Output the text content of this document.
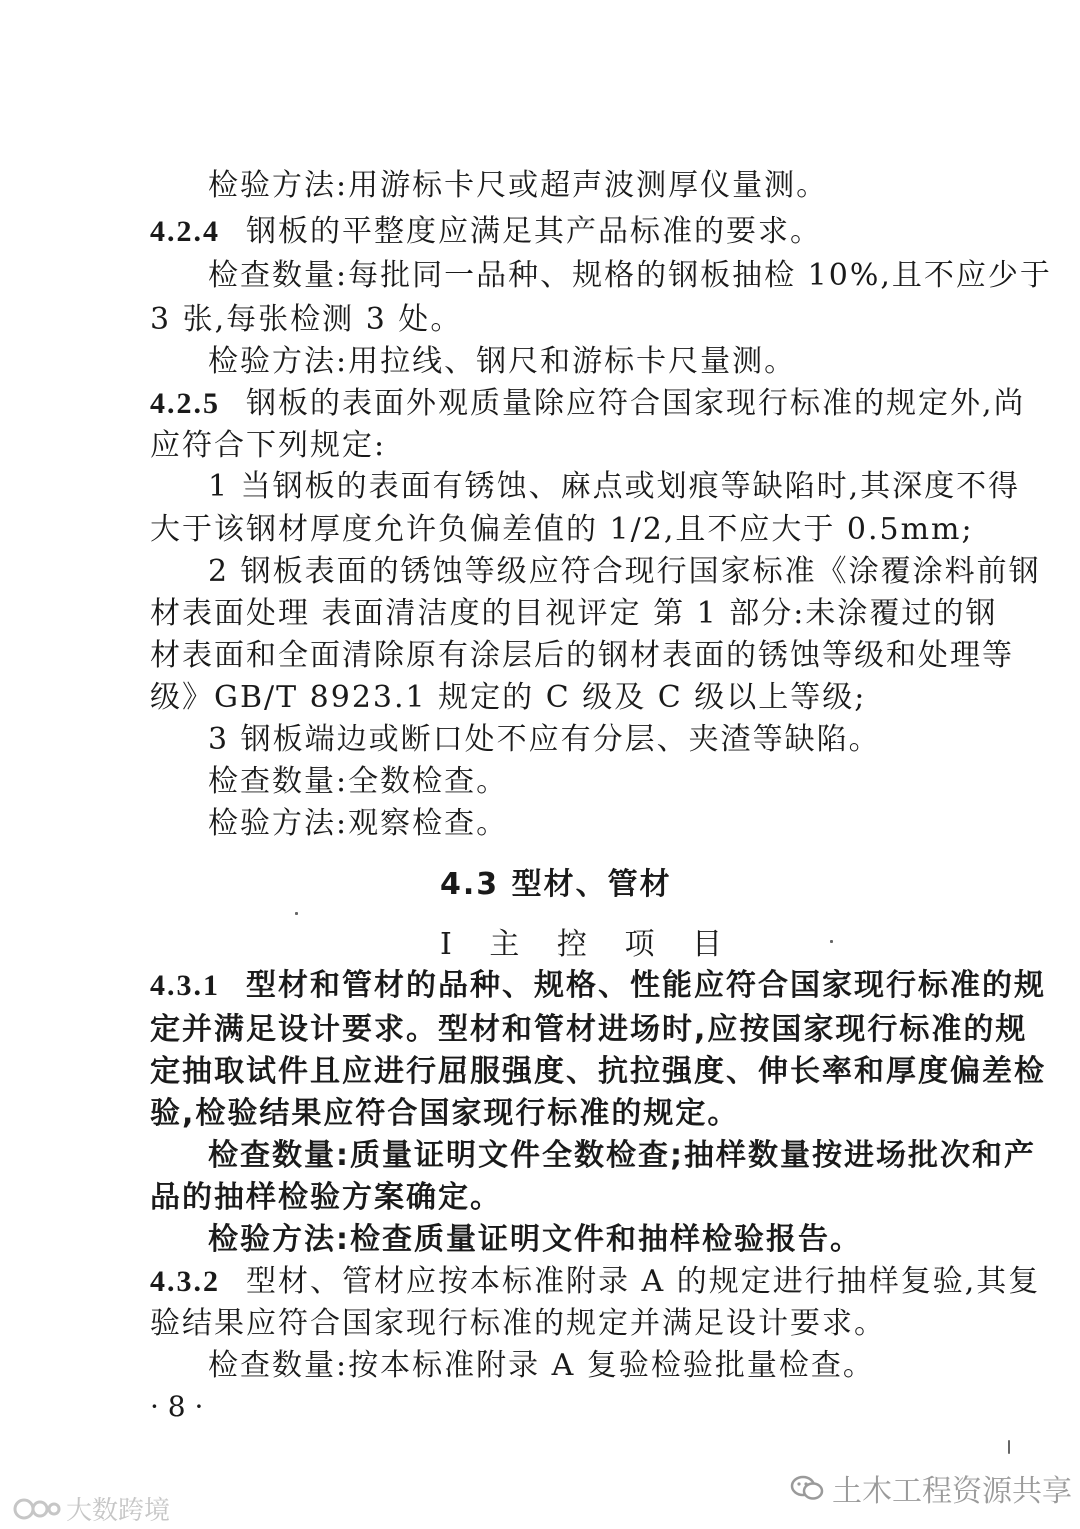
检验方法:用游标卡尺或超声波测厚仪量测。
4.2.4 钢板的平整度应满足其产品标准的要求。
检查数量:每批同一品种、规格的钢板抽检 10%,且不应少于
3 张,每张检测 3 处。
检验方法:用拉线、钢尺和游标卡尺量测。
4.2.5 钢板的表面外观质量除应符合国家现行标准的规定外,尚
应符合下列规定:
1 当钢板的表面有锈蚀、麻点或划痕等缺陷时,其深度不得
大于该钢材厚度允许负偏差值的 1/2,且不应大于 0.5mm;
2 钢板表面的锈蚀等级应符合现行国家标准《涂覆涂料前钢
材表面处理 表面清洁度的目视评定 第 1 部分:未涂覆过的钢
材表面和全面清除原有涂层后的钢材表面的锈蚀等级和处理等
级》GB/T 8923.1 规定的 C 级及 C 级以上等级;
3 钢板端边或断口处不应有分层、夹渣等缺陷。
检查数量:全数检查。
检验方法:观察检查。
4.3 型材、管材
Ⅰ 主 控 项 目
4.3.1 型材和管材的品种、规格、性能应符合国家现行标准的规
定并满足设计要求。型材和管材进场时,应按国家现行标准的规
定抽取试件且应进行屈服强度、抗拉强度、伸长率和厚度偏差检
验,检验结果应符合国家现行标准的规定。
检查数量:质量证明文件全数检查;抽样数量按进场批次和产
品的抽样检验方案确定。
检验方法:检查质量证明文件和抽样检验报告。
4.3.2 型材、管材应按本标准附录 A 的规定进行抽样复验,其复
验结果应符合国家现行标准的规定并满足设计要求。
检查数量:按本标准附录 A 复验检验批量检查。
· 8 ·
土木工程资源共享
大数跨境
